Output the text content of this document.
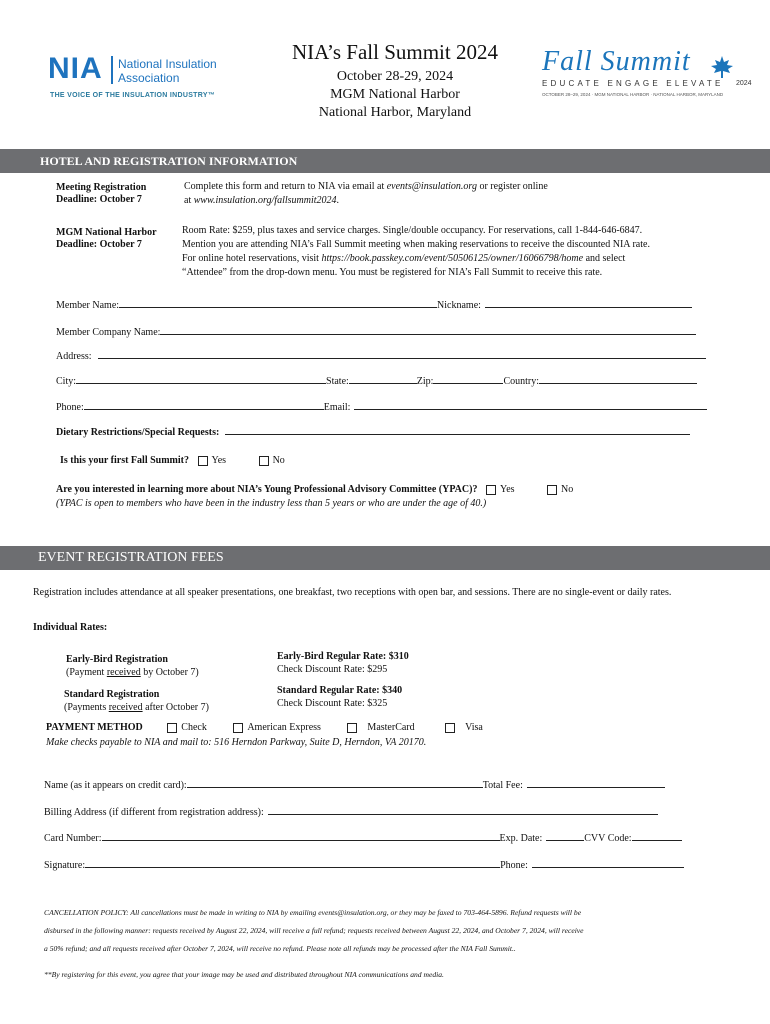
NIA National Insulation
Association
THE VOICE OF THE INSULATION INDUSTRY™
NIA’s Fall Summit 2024
October 28-29, 2024
MGM National Harbor
National Harbor, Maryland
Fall Summit
EDUCATE ENGAGE ELEVATE 2024
OCTOBER 28–29, 2024 · MGM NATIONAL HARBOR · NATIONAL HARBOR, MARYLAND
HOTEL AND REGISTRATION INFORMATION
Meeting Registration
Deadline: October 7
Complete this form and return to NIA via email at events@insulation.org or register online
at www.insulation.org/fallsummit2024.
MGM National Harbor
Deadline: October 7
Room Rate: $259, plus taxes and service charges. Single/double occupancy. For reservations, call 1-844-646-6847.
Mention you are attending NIA’s Fall Summit meeting when making reservations to receive the discounted NIA rate.
For online hotel reservations, visit https://book.passkey.com/event/50506125/owner/16066798/home and select
“Attendee” from the drop-down menu. You must be registered for NIA’s Fall Summit to receive this rate.
Member Name:	Nickname:
Member Company Name:
Address:
City:	State:	Zip:	Country:
Phone:	Email:
Dietary Restrictions/Special Requests:
Is this your first Fall Summit? Yes	No
Are you interested in learning more about NIA’s Young Professional Advisory Committee (YPAC)? Yes	No
(YPAC is open to members who have been in the industry less than 5 years or who are under the age of 40.)
EVENT REGISTRATION FEES
Registration includes attendance at all speaker presentations, one breakfast, two receptions with open bar, and sessions. There are no single-event or daily rates.
Individual Rates:
Early-Bird Registration
(Payment received by October 7)
Early-Bird Regular Rate: $310
Check Discount Rate: $295
Standard Registration
(Payments received after October 7)
Standard Regular Rate: $340
Check Discount Rate: $325
PAYMENT METHOD	Check	American Express	MasterCard	Visa
Make checks payable to NIA and mail to: 516 Herndon Parkway, Suite D, Herndon, VA 20170.
Name (as it appears on credit card):	Total Fee:
Billing Address (if different from registration address):
Card Number:	Exp. Date:	CVV Code:
Signature:	Phone:
CANCELLATION POLICY: All cancellations must be made in writing to NIA by emailing events@insulation.org, or they may be faxed to 703-464-5896. Refund requests will be
disbursed in the following manner: requests received by August 22, 2024, will receive a full refund; requests received between August 22, 2024, and October 7, 2024, will receive
a 50% refund; and all requests received after October 7, 2024, will receive no refund. Please note all refunds may be processed after the NIA Fall Summit..
**By registering for this event, you agree that your image may be used and distributed throughout NIA communications and media.
